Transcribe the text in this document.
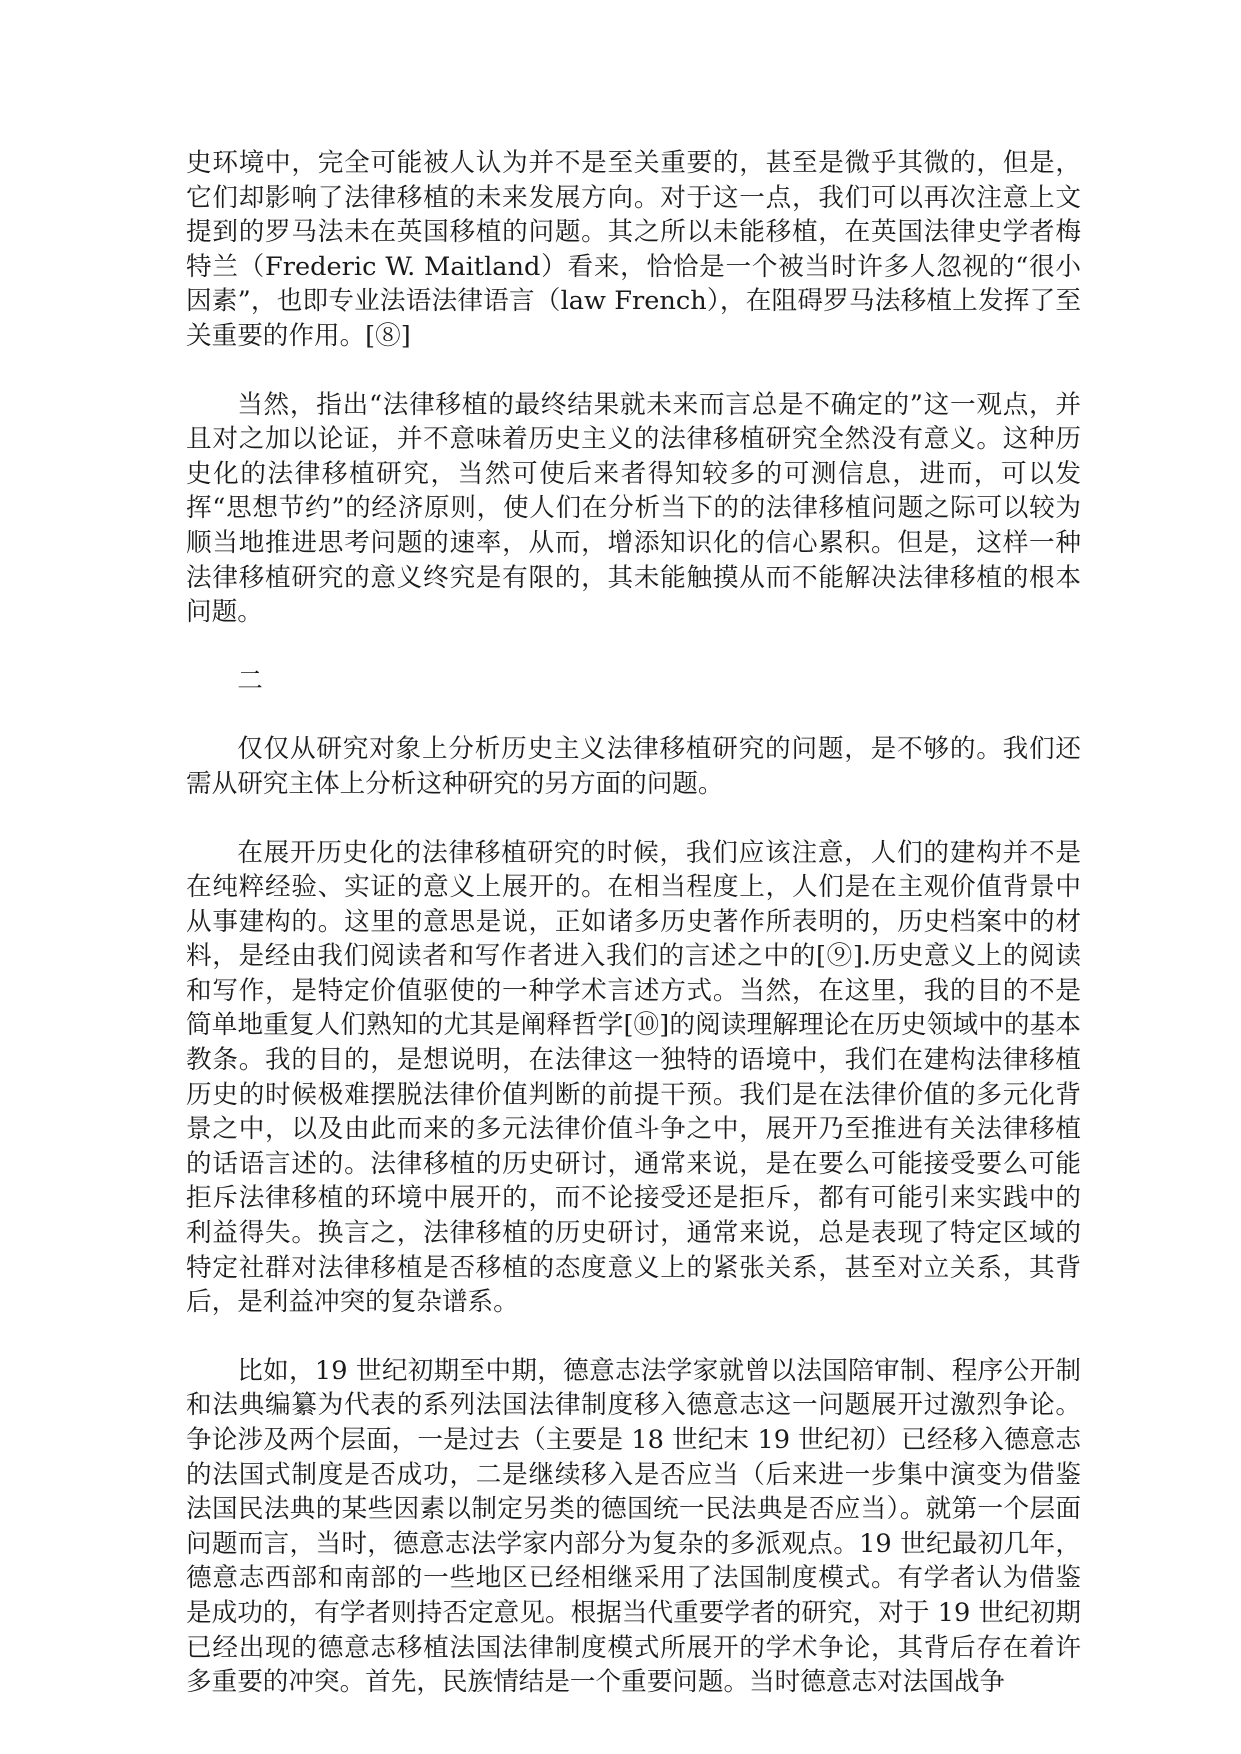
史环境中，完全可能被人认为并不是至关重要的，甚至是微乎其微的，但是，它们却影响了法律移植的未来发展方向。对于这一点，我们可以再次注意上文提到的罗马法未在英国移植的问题。其之所以未能移植，在英国法律史学者梅特兰（Frederic W. Maitland）看来，恰恰是一个被当时许多人忽视的“很小因素”，也即专业法语法律语言（law French），在阻碍罗马法移植上发挥了至关重要的作用。[⑧]

当然，指出“法律移植的最终结果就未来而言总是不确定的”这一观点，并且对之加以论证，并不意味着历史主义的法律移植研究全然没有意义。这种历史化的法律移植研究，当然可使后来者得知较多的可测信息，进而，可以发挥“思想节约”的经济原则，使人们在分析当下的的法律移植问题之际可以较为顺当地推进思考问题的速率，从而，增添知识化的信心累积。但是，这样一种法律移植研究的意义终究是有限的，其未能触摸从而不能解决法律移植的根本问题。

二

仅仅从研究对象上分析历史主义法律移植研究的问题，是不够的。我们还需从研究主体上分析这种研究的另方面的问题。

在展开历史化的法律移植研究的时候，我们应该注意，人们的建构并不是在纯粹经验、实证的意义上展开的。在相当程度上，人们是在主观价值背景中从事建构的。这里的意思是说，正如诸多历史著作所表明的，历史档案中的材料，是经由我们阅读者和写作者进入我们的言述之中的[⑨].历史意义上的阅读和写作，是特定价值驱使的一种学术言述方式。当然，在这里，我的目的不是简单地重复人们熟知的尤其是阐释哲学[⑩]的阅读理解理论在历史领域中的基本教条。我的目的，是想说明，在法律这一独特的语境中，我们在建构法律移植历史的时候极难摆脱法律价值判断的前提干预。我们是在法律价值的多元化背景之中，以及由此而来的多元法律价值斗争之中，展开乃至推进有关法律移植的话语言述的。法律移植的历史研讨，通常来说，是在要么可能接受要么可能拒斥法律移植的环境中展开的，而不论接受还是拒斥，都有可能引来实践中的利益得失。换言之，法律移植的历史研讨，通常来说，总是表现了特定区域的特定社群对法律移植是否移植的态度意义上的紧张关系，甚至对立关系，其背后，是利益冲突的复杂谱系。

比如，19 世纪初期至中期，德意志法学家就曾以法国陪审制、程序公开制和法典编纂为代表的系列法国法律制度移入德意志这一问题展开过激烈争论。争论涉及两个层面，一是过去（主要是 18 世纪末 19 世纪初）已经移入德意志的法国式制度是否成功，二是继续移入是否应当（后来进一步集中演变为借鉴法国民法典的某些因素以制定另类的德国统一民法典是否应当）。就第一个层面问题而言，当时，德意志法学家内部分为复杂的多派观点。19 世纪最初几年，德意志西部和南部的一些地区已经相继采用了法国制度模式。有学者认为借鉴是成功的，有学者则持否定意见。根据当代重要学者的研究，对于 19 世纪初期已经出现的德意志移植法国法律制度模式所展开的学术争论，其背后存在着许多重要的冲突。首先，民族情结是一个重要问题。当时德意志对法国战争
